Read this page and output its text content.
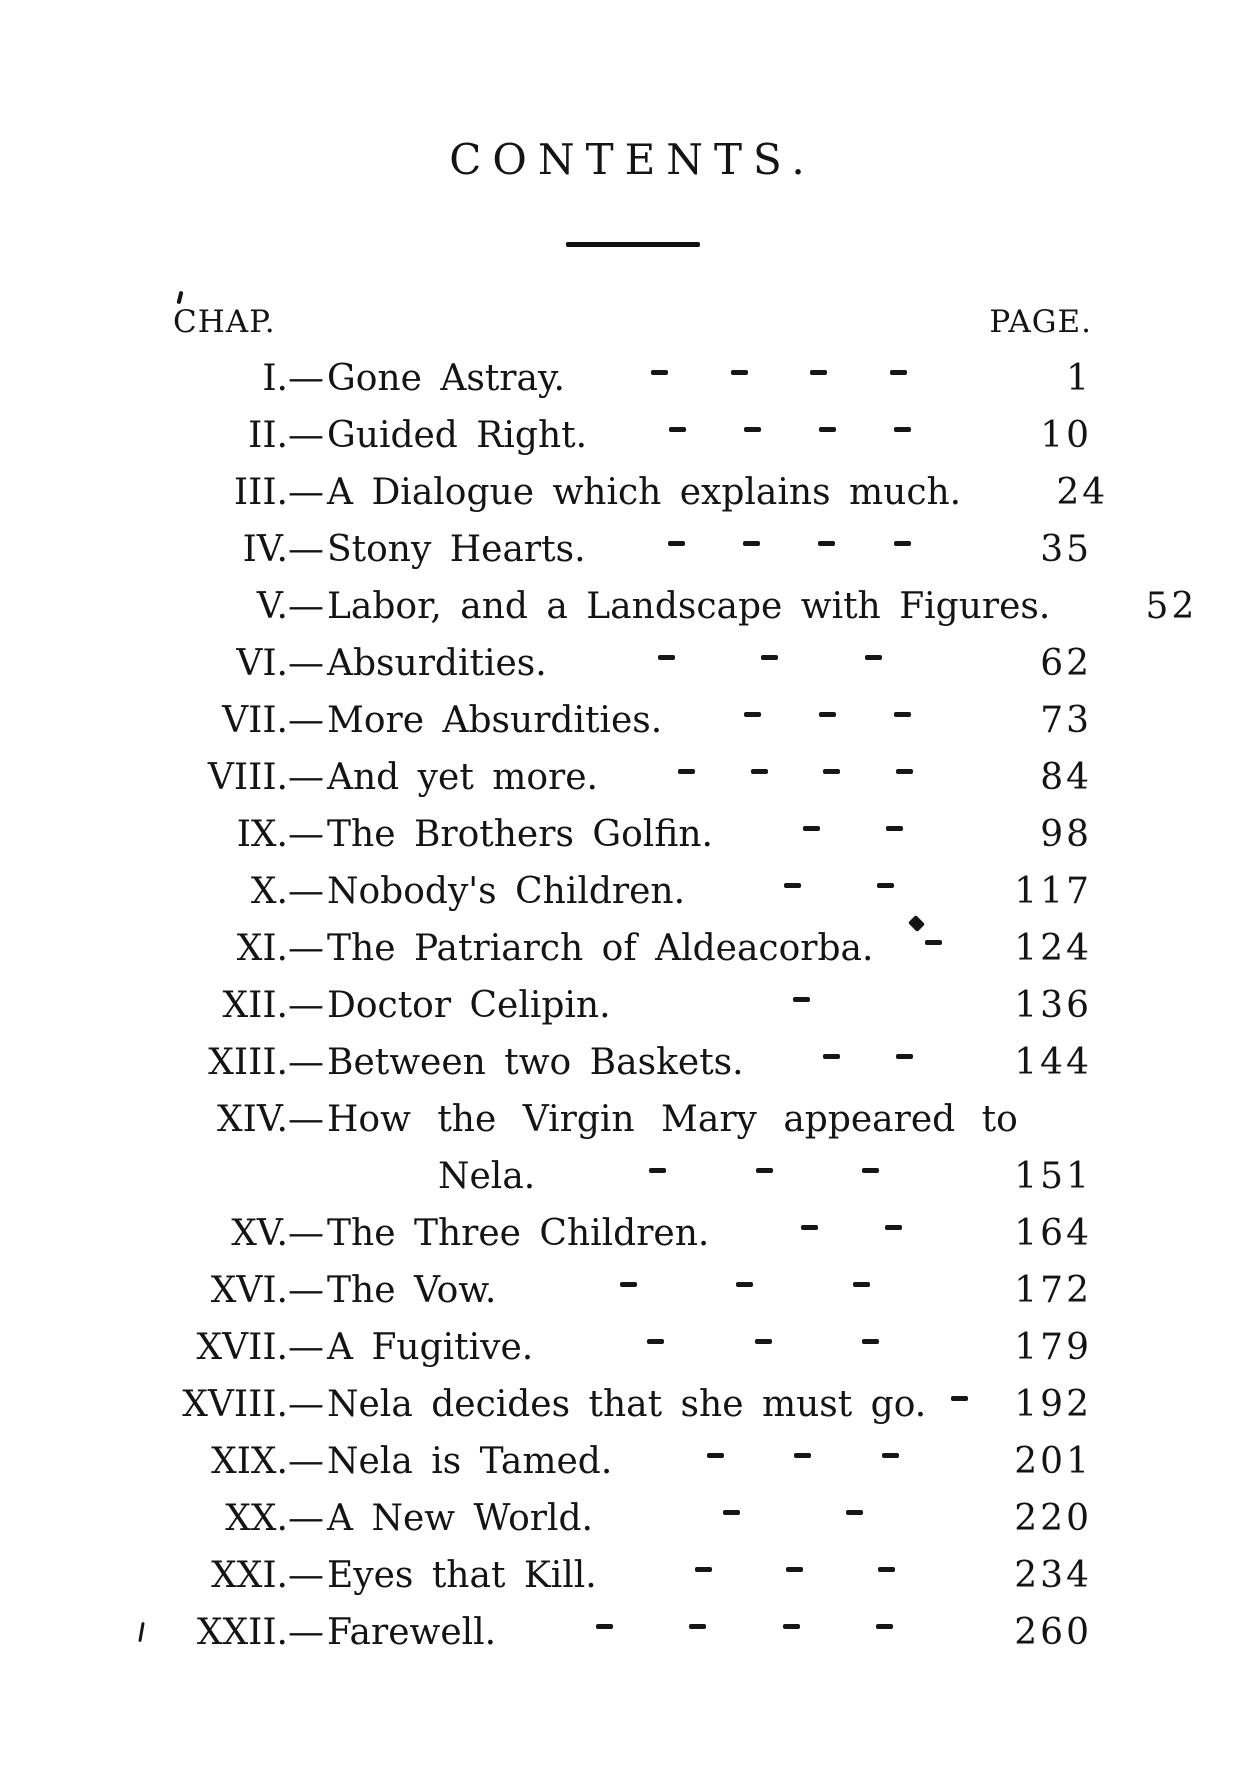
CONTENTS.
CHAP.	PAGE.
I. — Gone Astray.	1
II. — Guided Right.	10
III. — A Dialogue which explains much.	24
IV. — Stony Hearts.	35
V. — Labor, and a Landscape with Figures.	52
VI. — Absurdities.	62
VII. — More Absurdities.	73
VIII. — And yet more.	84
IX. — The Brothers Golfin.	98
X. — Nobody's Children.	117
XI. — The Patriarch of Aldeacorba.	124
XII. — Doctor Celipin.	136
XIII. — Between two Baskets.	144
XIV. — How the Virgin Mary appeared to
Nela.	151
XV. — The Three Children.	164
XVI. — The Vow.	172
XVII. — A Fugitive.	179
XVIII. — Nela decides that she must go.	192
XIX. — Nela is Tamed.	201
XX. — A New World.	220
XXI. — Eyes that Kill.	234
XXII. — Farewell.	260
